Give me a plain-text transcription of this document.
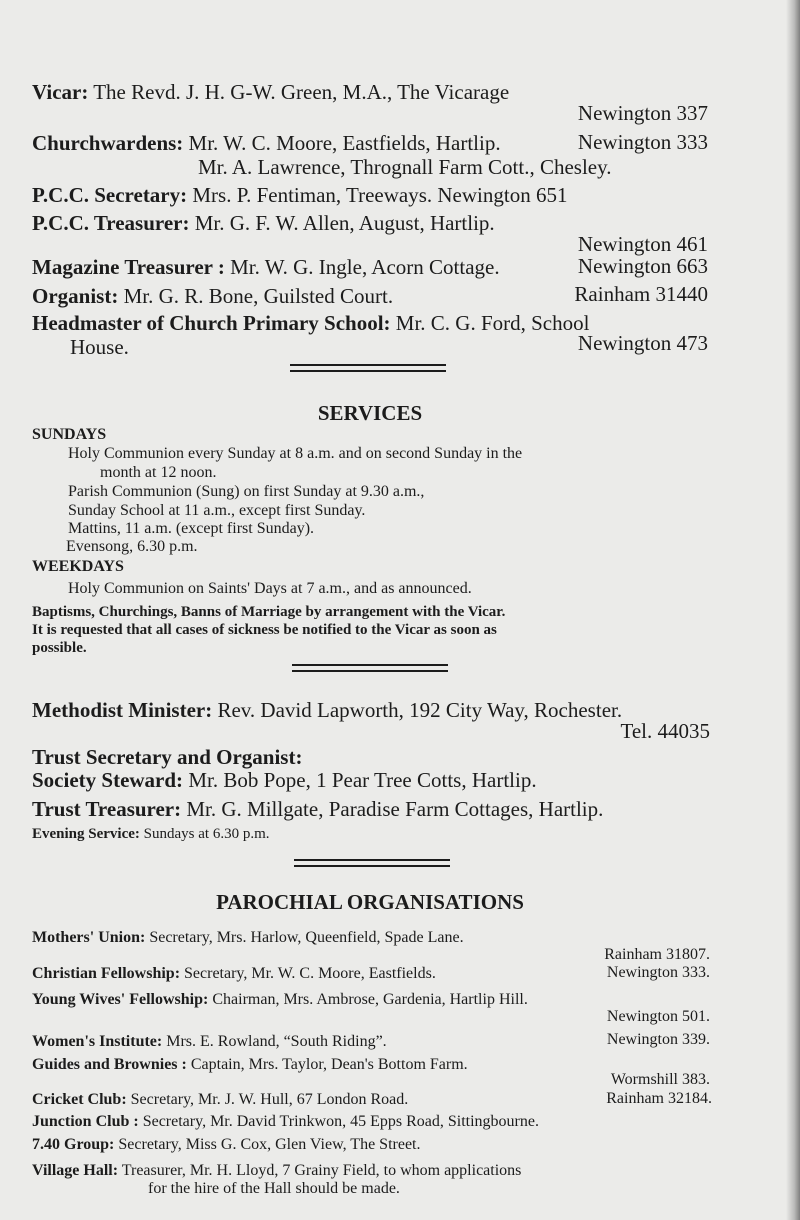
Vicar: The Revd. J. H. G-W. Green, M.A., The Vicarage
Newington 337
Churchwardens: Mr. W. C. Moore, Eastfields, Hartlip.	Newington 333
Mr. A. Lawrence, Thrognall Farm Cott., Chesley.
P.C.C. Secretary: Mrs. P. Fentiman, Treeways. Newington 651
P.C.C. Treasurer: Mr. G. F. W. Allen, August, Hartlip.
Newington 461
Magazine Treasurer : Mr. W. G. Ingle, Acorn Cottage.	Newington 663
Organist: Mr. G. R. Bone, Guilsted Court.	Rainham 31440
Headmaster of Church Primary School: Mr. C. G. Ford, School
House.	Newington 473
SERVICES
SUNDAYS
Holy Communion every Sunday at 8 a.m. and on second Sunday in the
month at 12 noon.
Parish Communion (Sung) on first Sunday at 9.30 a.m.,
Sunday School at 11 a.m., except first Sunday.
Mattins, 11 a.m. (except first Sunday).
Evensong, 6.30 p.m.
WEEKDAYS
Holy Communion on Saints' Days at 7 a.m., and as announced.
Baptisms, Churchings, Banns of Marriage by arrangement with the Vicar.
It is requested that all cases of sickness be notified to the Vicar as soon as
possible.
Methodist Minister: Rev. David Lapworth, 192 City Way, Rochester.
Tel. 44035
Trust Secretary and Organist:
Society Steward: Mr. Bob Pope, 1 Pear Tree Cotts, Hartlip.
Trust Treasurer: Mr. G. Millgate, Paradise Farm Cottages, Hartlip.
Evening Service: Sundays at 6.30 p.m.
PAROCHIAL ORGANISATIONS
Mothers' Union: Secretary, Mrs. Harlow, Queenfield, Spade Lane.
Rainham 31807.
Christian Fellowship: Secretary, Mr. W. C. Moore, Eastfields.	Newington 333.
Young Wives' Fellowship: Chairman, Mrs. Ambrose, Gardenia, Hartlip Hill.
Newington 501.
Women's Institute: Mrs. E. Rowland, “South Riding”.	Newington 339.
Guides and Brownies : Captain, Mrs. Taylor, Dean's Bottom Farm.
Wormshill 383.
Cricket Club: Secretary, Mr. J. W. Hull, 67 London Road.	Rainham 32184.
Junction Club : Secretary, Mr. David Trinkwon, 45 Epps Road, Sittingbourne.
7.40 Group: Secretary, Miss G. Cox, Glen View, The Street.
Village Hall: Treasurer, Mr. H. Lloyd, 7 Grainy Field, to whom applications
for the hire of the Hall should be made.
